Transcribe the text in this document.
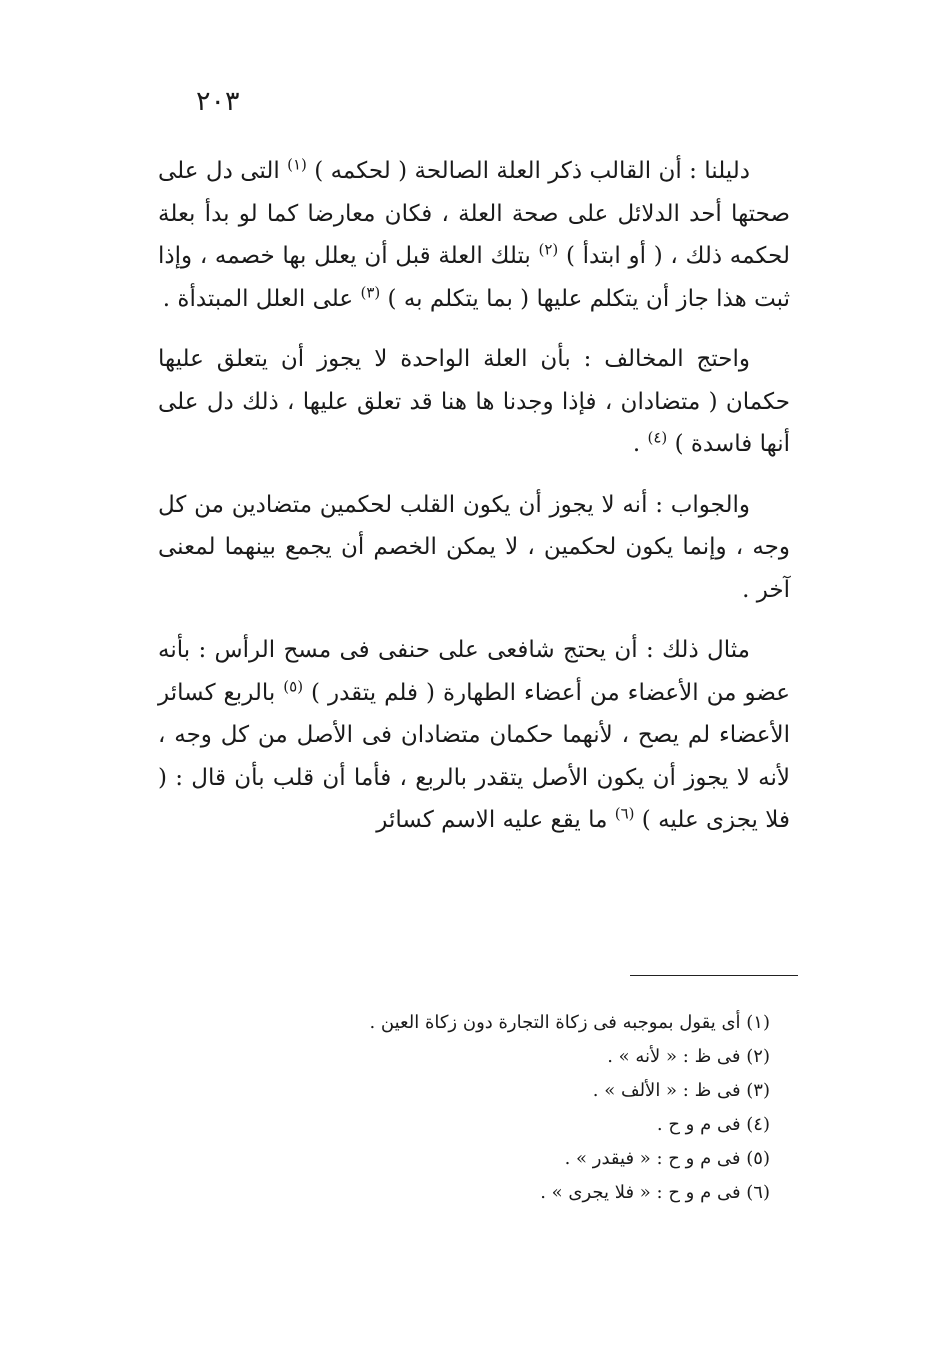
٢٠٣

دليلنا : أن القالب ذكر العلة الصالحة ( لحكمه ) $^{(١)}$ التى دل على صحتها أحد الدلائل على صحة العلة ، فكان معارضا كما لو بدأ بعلة لحكمه ذلك ، ( أو ابتدأ ) $^{(٢)}$ بتلك العلة قبل أن يعلل بها خصمه ، وإذا ثبت هذا جاز أن يتكلم عليها ( بما يتكلم به ) $^{(٣)}$ على العلل المبتدأة .

واحتج المخالف : بأن العلة الواحدة لا يجوز أن يتعلق عليها حكمان ( متضادان ، فإذا وجدنا ها هنا قد تعلق عليها ، ذلك دل على أنها فاسدة ) $^{(٤)}$ .

والجواب : أنه لا يجوز أن يكون القلب لحكمين متضادين من كل وجه ، وإنما يكون لحكمين ، لا يمكن الخصم أن يجمع بينهما لمعنى آخر .

مثال ذلك : أن يحتج شافعى على حنفى فى مسح الرأس : بأنه عضو من الأعضاء من أعضاء الطهارة ( فلم يتقدر ) $^{(٥)}$ بالربع كسائر الأعضاء لم يصح ، لأنهما حكمان متضادان فى الأصل من كل وجه ، لأنه لا يجوز أن يكون الأصل يتقدر بالربع ، فأما أن قلب بأن قال : ( فلا يجزى عليه ) $^{(٦)}$ ما يقع عليه الاسم كسائر

(١) أى يقول بموجبه فى زكاة التجارة دون زكاة العين .

(٢) فى ظ : « لأنه » .

(٣) فى ظ : « الألف » .

(٤) فى م و ح .

(٥) فى م و ح : « فيقدر » .

(٦) فى م و ح : « فلا يجرى » .
